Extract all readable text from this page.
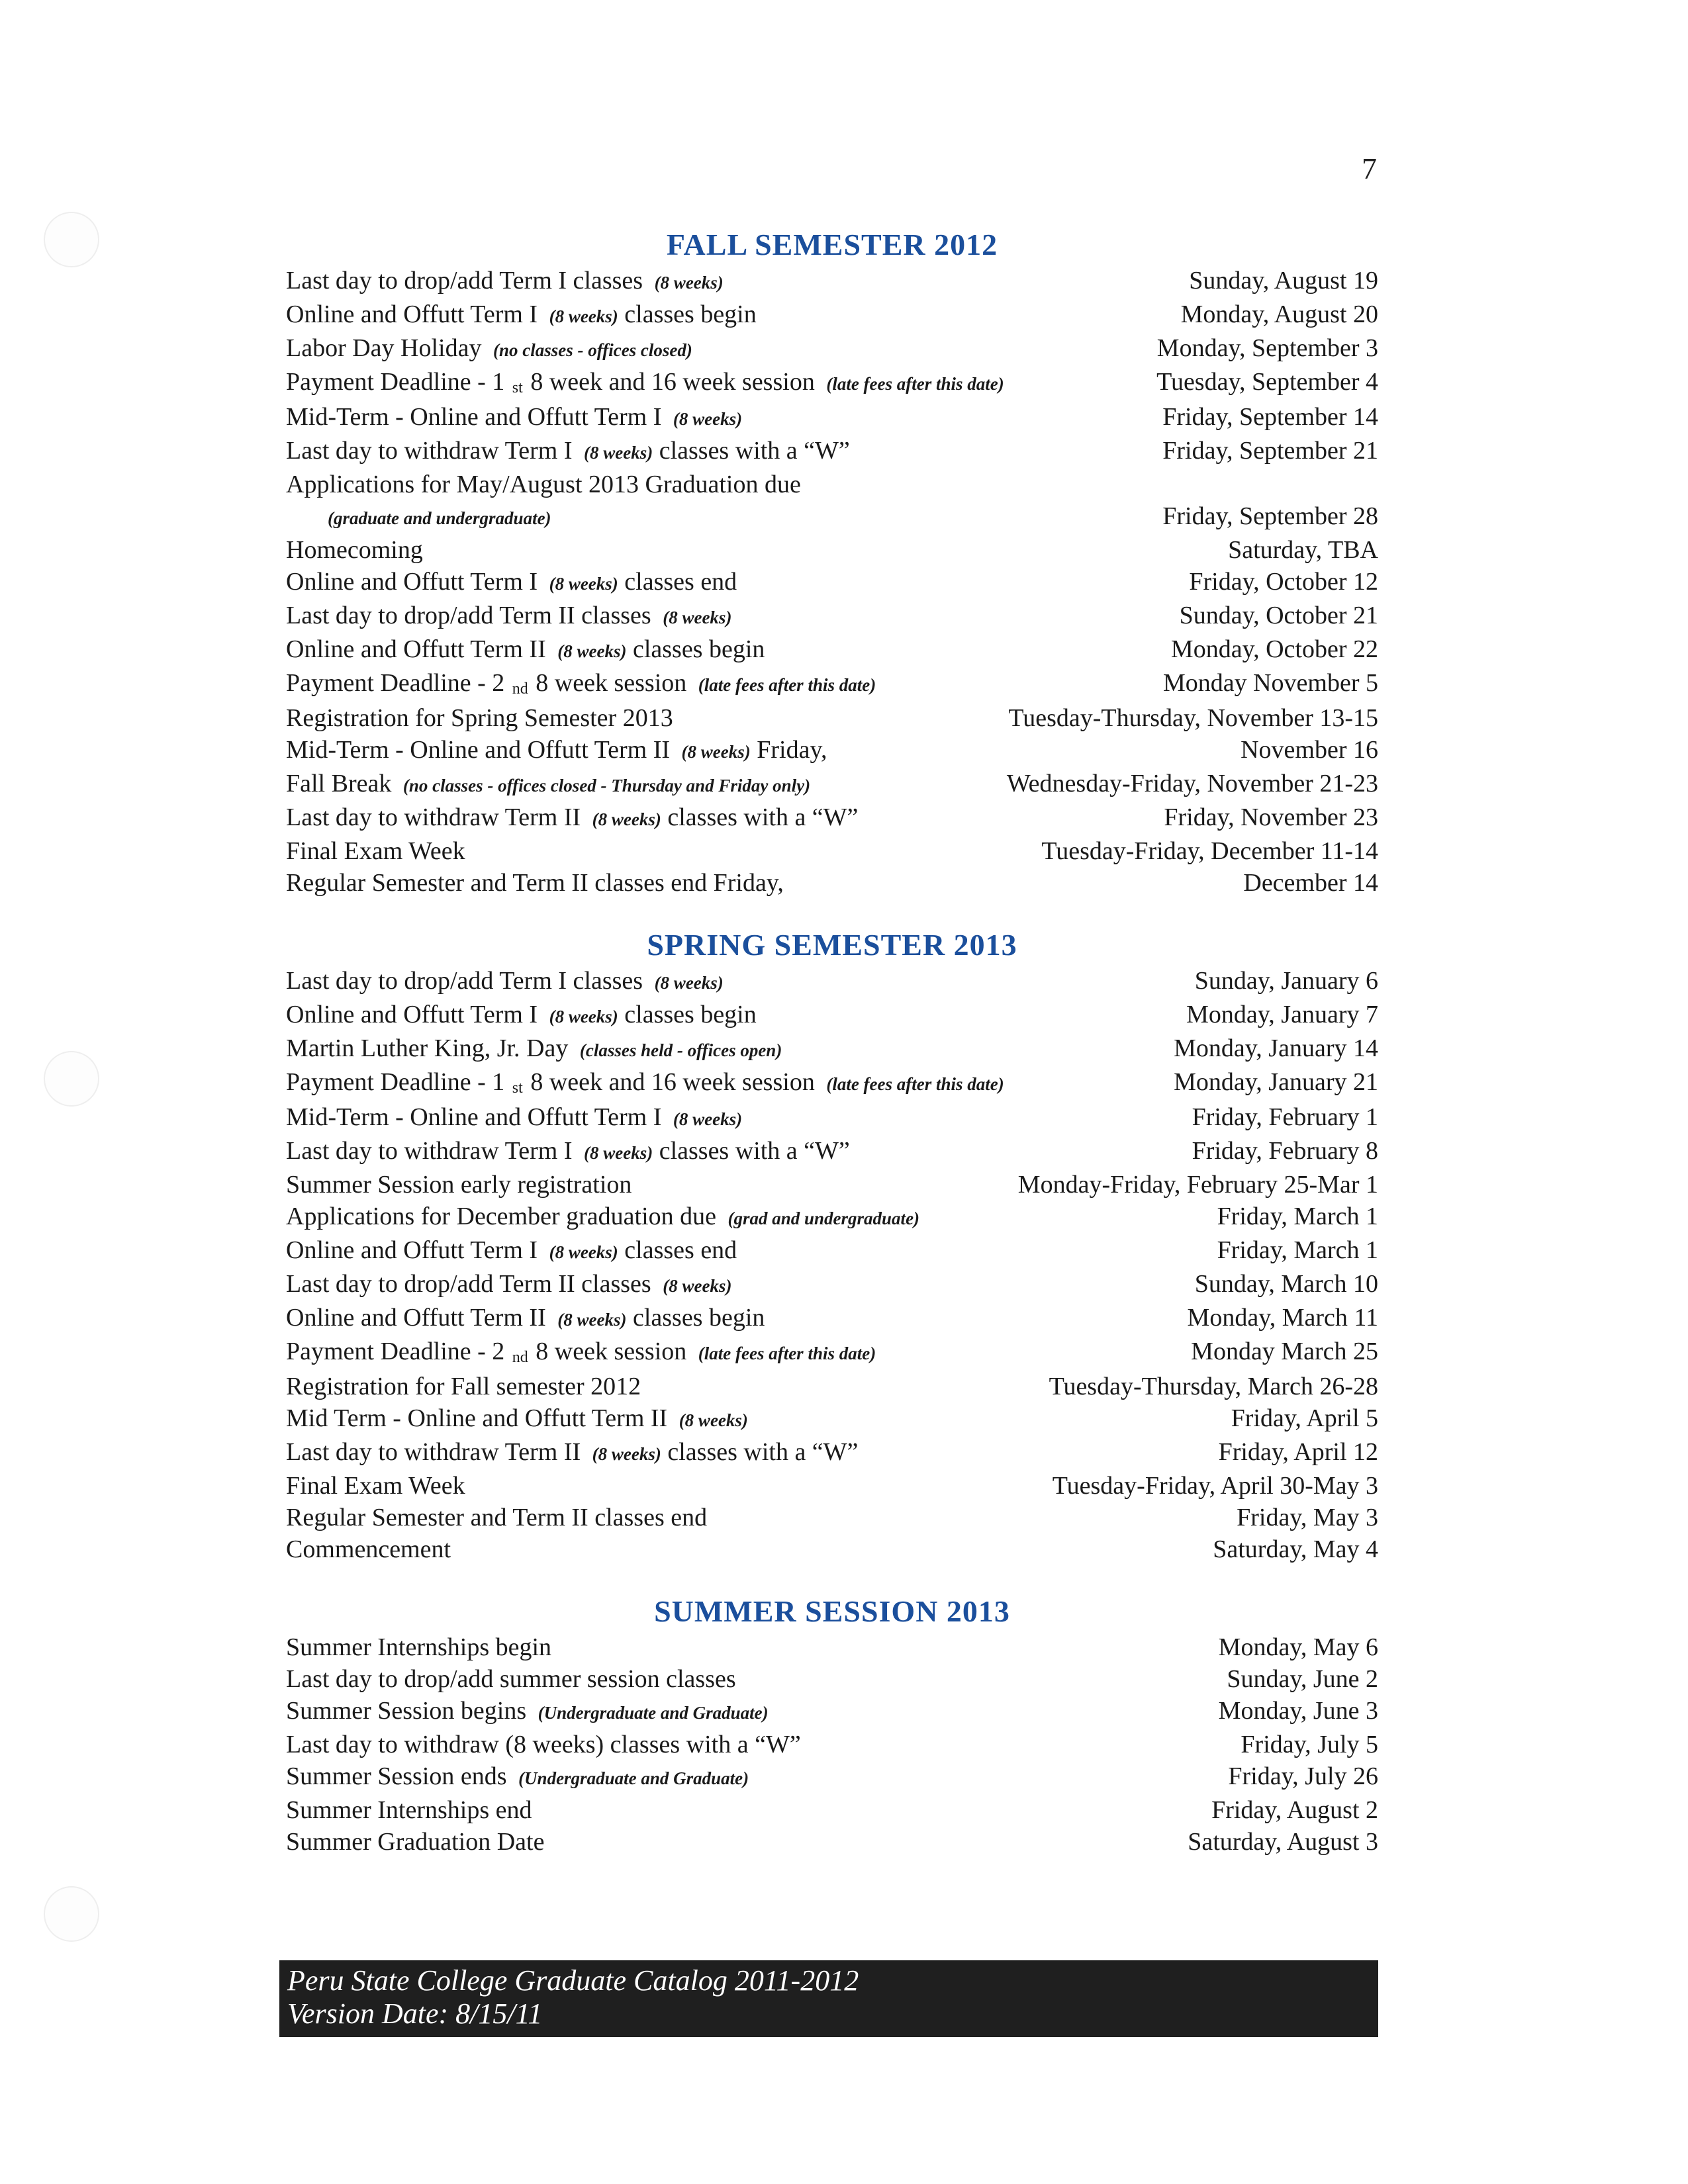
7
FALL SEMESTER 2012
Last day to drop/add Term I classes (8 weeks)	Sunday, August 19
Online and Offutt Term I (8 weeks) classes begin	Monday, August 20
Labor Day Holiday (no classes - offices closed)	Monday, September 3
Payment Deadline - 1 st 8 week and 16 week session (late fees after this date)	Tuesday, September 4
Mid-Term - Online and Offutt Term I (8 weeks)	Friday, September 14
Last day to withdraw Term I (8 weeks) classes with a “W”	Friday, September 21
Applications for May/August 2013 Graduation due
(graduate and undergraduate)	Friday, September 28
Homecoming	Saturday, TBA
Online and Offutt Term I (8 weeks) classes end	Friday, October 12
Last day to drop/add Term II classes (8 weeks)	Sunday, October 21
Online and Offutt Term II (8 weeks) classes begin	Monday, October 22
Payment Deadline - 2 nd 8 week session (late fees after this date)	Monday November 5
Registration for Spring Semester 2013	Tuesday-Thursday, November 13-15
Mid-Term - Online and Offutt Term II (8 weeks) Friday,	November 16
Fall Break (no classes - offices closed - Thursday and Friday only)	Wednesday-Friday, November 21-23
Last day to withdraw Term II (8 weeks) classes with a “W”	Friday, November 23
Final Exam Week	Tuesday-Friday, December 11-14
Regular Semester and Term II classes end Friday,	December 14
SPRING SEMESTER 2013
Last day to drop/add Term I classes (8 weeks)	Sunday, January 6
Online and Offutt Term I (8 weeks) classes begin	Monday, January 7
Martin Luther King, Jr. Day (classes held - offices open)	Monday, January 14
Payment Deadline - 1 st 8 week and 16 week session (late fees after this date)	Monday, January 21
Mid-Term - Online and Offutt Term I (8 weeks)	Friday, February 1
Last day to withdraw Term I (8 weeks) classes with a “W”	Friday, February 8
Summer Session early registration	Monday-Friday, February 25-Mar 1
Applications for December graduation due (grad and undergraduate)	Friday, March 1
Online and Offutt Term I (8 weeks) classes end	Friday, March 1
Last day to drop/add Term II classes (8 weeks)	Sunday, March 10
Online and Offutt Term II (8 weeks) classes begin	Monday, March 11
Payment Deadline - 2 nd 8 week session (late fees after this date)	Monday March 25
Registration for Fall semester 2012	Tuesday-Thursday, March 26-28
Mid Term - Online and Offutt Term II (8 weeks)	Friday, April 5
Last day to withdraw Term II (8 weeks) classes with a “W”	Friday, April 12
Final Exam Week	Tuesday-Friday, April 30-May 3
Regular Semester and Term II classes end	Friday, May 3
Commencement	Saturday, May 4
SUMMER SESSION 2013
Summer Internships begin	Monday, May 6
Last day to drop/add summer session classes	Sunday, June 2
Summer Session begins (Undergraduate and Graduate)	Monday, June 3
Last day to withdraw (8 weeks) classes with a “W”	Friday, July 5
Summer Session ends (Undergraduate and Graduate)	Friday, July 26
Summer Internships end	Friday, August 2
Summer Graduation Date	Saturday, August 3
Peru State College Graduate Catalog 2011-2012
Version Date: 8/15/11
